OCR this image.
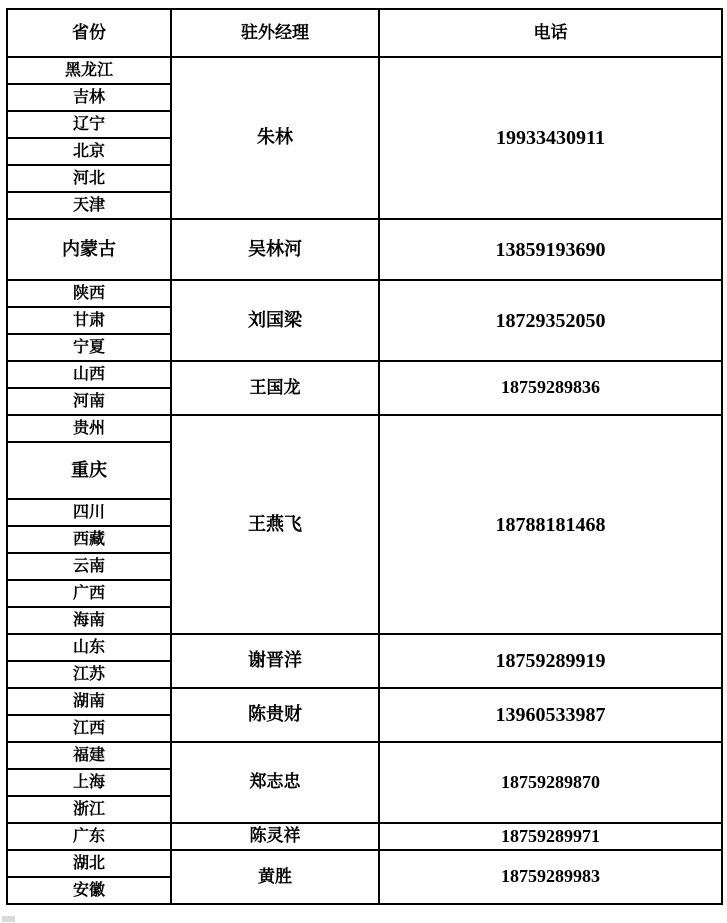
省份	驻外经理	电话
黑龙江	朱林	19933430911
吉林		
辽宁		
北京		
河北		
天津		
内蒙古	吴林河	13859193690
陕西	刘国梁	18729352050
甘肃		
宁夏		
山西	王国龙	18759289836
河南		
贵州	王燕飞	18788181468
重庆		
四川		
西藏		
云南		
广西		
海南		
山东	谢晋洋	18759289919
江苏		
湖南	陈贵财	13960533987
江西		
福建	郑志忠	18759289870
上海		
浙江		
广东	陈灵祥	18759289971
湖北	黄胜	18759289983
安徽		
